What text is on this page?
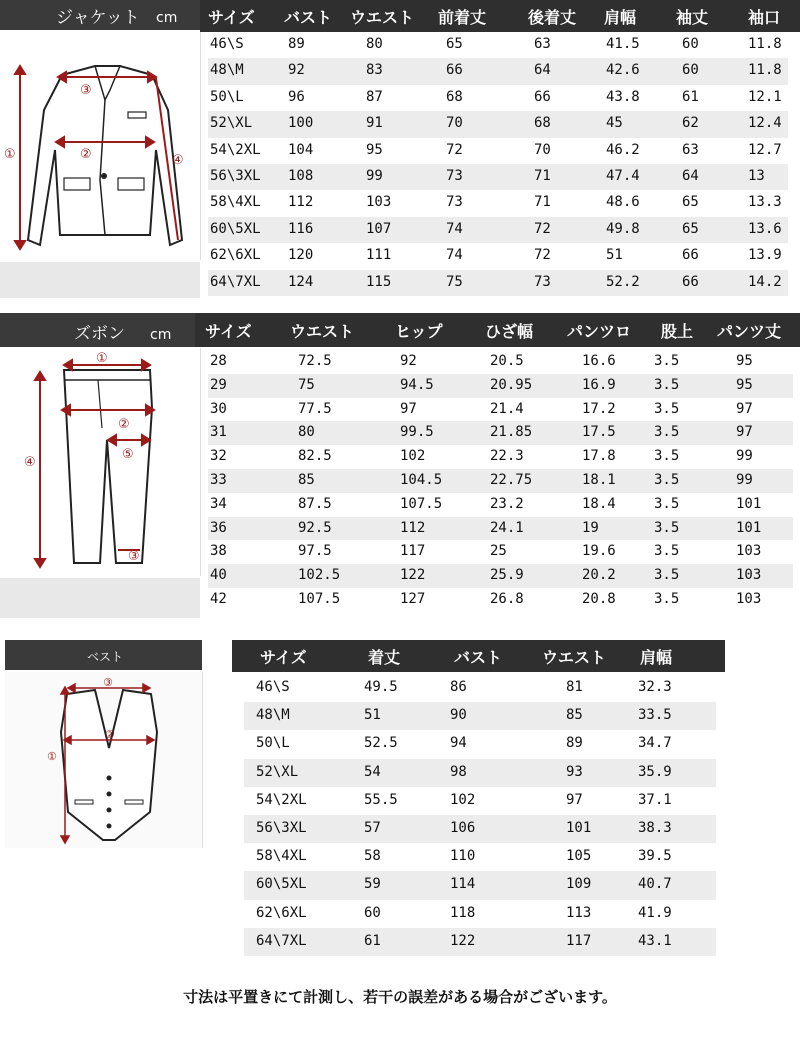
ジャケット cm
①	②
③
④
サイズ バスト ウエスト 前着丈	後着丈 肩幅 袖丈 袖口
46\S	89	80	65	63	41.5	60	11.8
48\M	92	83	66	64	42.6	60	11.8
50\L	96	87	68	66	43.8	61	12.1
52\XL	100	91	70	68	45	62	12.4
54\2XL 104	95	72	70	46.2	63	12.7
56\3XL 108	99	73	71	47.4	64	13
58\4XL 112	103	73	71	48.6	65	13.3
60\5XL 116	107	74	72	49.8	65	13.6
62\6XL 120	111	74	72	51	66	13.9
64\7XL 124	115	75	73	52.2	66	14.2
ズボン cm
①
②
③
④
⑤
サイズ ウエスト	ヒップ	ひざ幅 パンツロ 股上 パンツ丈
28	72.5	92	20.5	16.6	3.5	95
29	75	94.5	20.95	16.9	3.5	95
30	77.5	97	21.4	17.2	3.5	97
31	80	99.5	21.85	17.5	3.5	97
32	82.5	102	22.3	17.8	3.5	99
33	85	104.5	22.75	18.1	3.5	99
34	87.5	107.5	23.2	18.4	3.5	101
36	92.5	112	24.1	19	3.5	101
38	97.5	117	25	19.6	3.5	103
40	102.5	122	25.9	20.2	3.5	103
42	107.5	127	26.8	20.8	3.5	103
ベスト
③
②
①
サイズ	着丈	バスト ウエスト 肩幅
46\S	49.5	86	81	32.3
48\M	51	90	85	33.5
50\L	52.5	94	89	34.7
52\XL	54	98	93	35.9
54\2XL	55.5	102	97	37.1
56\3XL	57	106	101	38.3
58\4XL	58	110	105	39.5
60\5XL	59	114	109	40.7
62\6XL	60	118	113	41.9
64\7XL	61	122	117	43.1
寸法は平置きにて計測し、若干の誤差がある場合がございます。
